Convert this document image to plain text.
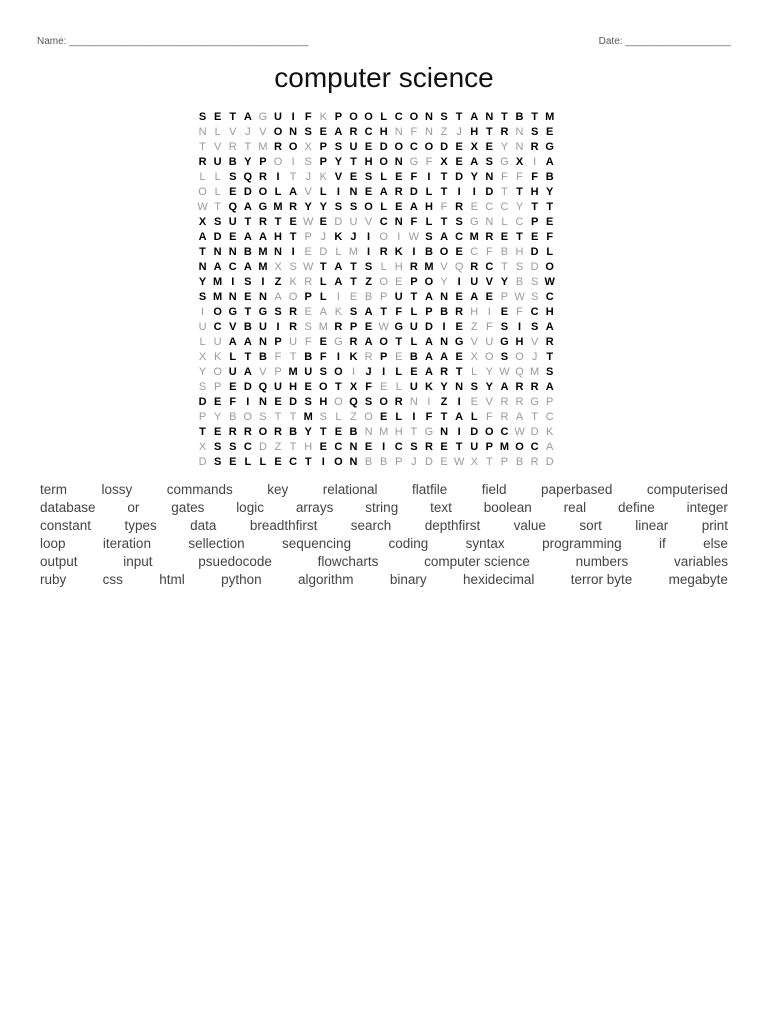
Name: ___________________________________________	Date: ___________________
computer science
S E T A G U I F K P O O L C O N S T A N T B T M
N L V J V O N S E A R C H N F N Z J H T R N S E
T V R T M R O X P S U E D O C O D E X E Y N R G
R U B Y P O I S P Y T H O N G F X E A S G X I A
L L S Q R I T J K V E S L E F I T D Y N F F F B
O L E D O L A V L I N E A R D L T I I D T T H Y
W T Q A G M R Y Y S S O L E A H F R E C C Y T T
X S U T R T E W E D U V C N F L T S G N L C P E
A D E A A H T P J K J I O I W S A C M R E T E F
T N N B M N I E D L M I R K I B O E C F B H D L
N A C A M X S W T A T S L H R M V Q R C T S D O
Y M I S I Z K R L A T Z O E P O Y I U V Y B S W
S M N E N A O P L I E B P U T A N E A E P W S C
I O G T G S R E A K S A T F L P B R H I E F C H
U C V B U I R S M R P E W G U D I E Z F S I S A
L U A A N P U F E G R A O T L A N G V U G H V R
X K L T B F T B F I K R P E B A A E X O S O J T
Y O U A V P M U S O I J I L E A R T L Y W Q M S
S P E D Q U H E O T X F E L U K Y N S Y A R R A
D E F I N E D S H O Q S O R N I Z I E V R R G P
P Y B O S T T M S L Z O E L I F T A L F R A T C
T E R R O R B Y T E B N M H T G N I D O C W D K
X S S C D Z T H E C N E I C S R E T U P M O C A
D S E L L E C T I O N B B P J D E W X T P B R D
term	lossy	commands	key	relational	flatfile	field	paperbased	computerised
database or gates logic arrays string text boolean real define integer
constant types data breadthfirst search depthfirst value sort linear print
loop	iteration	sellection	sequencing	coding	syntax	programming	if	else
output	input	psuedocode	flowcharts	computer science	numbers	variables
ruby	css	html	python	algorithm	binary	hexidecimal	terror byte	megabyte
